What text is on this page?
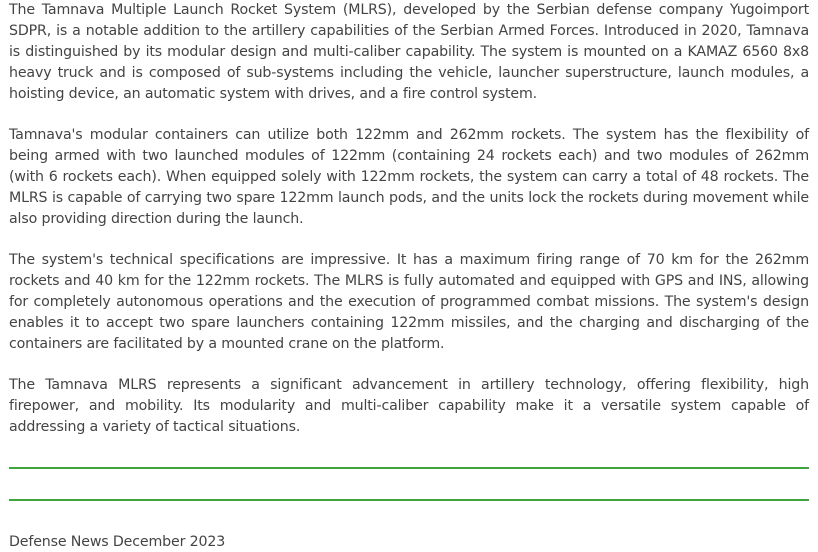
The Tamnava Multiple Launch Rocket System (MLRS), developed by the Serbian defense company Yugoimport SDPR, is a notable addition to the artillery capabilities of the Serbian Armed Forces. Introduced in 2020, Tamnava is distinguished by its modular design and multi-caliber capability. The system is mounted on a KAMAZ 6560 8x8 heavy truck and is composed of sub-systems including the vehicle, launcher superstructure, launch modules, a hoisting device, an automatic system with drives, and a fire control system.

Tamnava's modular containers can utilize both 122mm and 262mm rockets. The system has the flexibility of being armed with two launched modules of 122mm (containing 24 rockets each) and two modules of 262mm (with 6 rockets each). When equipped solely with 122mm rockets, the system can carry a total of 48 rockets. The MLRS is capable of carrying two spare 122mm launch pods, and the units lock the rockets during movement while also providing direction during the launch.

The system's technical specifications are impressive. It has a maximum firing range of 70 km for the 262mm rockets and 40 km for the 122mm rockets. The MLRS is fully automated and equipped with GPS and INS, allowing for completely autonomous operations and the execution of programmed combat missions. The system's design enables it to accept two spare launchers containing 122mm missiles, and the charging and discharging of the containers are facilitated by a mounted crane on the platform.

The Tamnava MLRS represents a significant advancement in artillery technology, offering flexibility, high firepower, and mobility. Its modularity and multi-caliber capability make it a versatile system capable of addressing a variety of tactical situations.

Defense News December 2023
